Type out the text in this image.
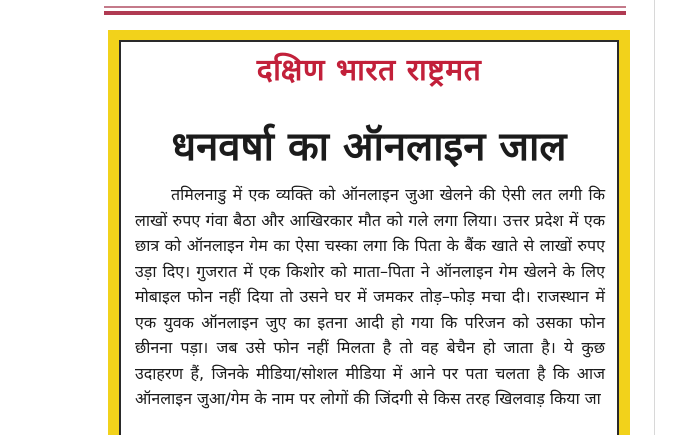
दक्षिण भारत राष्ट्रमत
धनवर्षा का ऑनलाइन जाल

तमिलनाडु में एक व्यक्ति को ऑनलाइन जुआ खेलने की ऐसी लत लगी कि लाखों रुपए गंवा बैठा और आखिरकार मौत को गले लगा लिया। उत्तर प्रदेश में एक छात्र को ऑनलाइन गेम का ऐसा चस्का लगा कि पिता के बैंक खाते से लाखों रुपए उड़ा दिए। गुजरात में एक किशोर को माता–पिता ने ऑनलाइन गेम खेलने के लिए मोबाइल फोन नहीं दिया तो उसने घर में जमकर तोड़–फोड़ मचा दी। राजस्थान में एक युवक ऑनलाइन जुए का इतना आदी हो गया कि परिजन को उसका फोन छीनना पड़ा। जब उसे फोन नहीं मिलता है तो वह बेचैन हो जाता है। ये कुछ उदाहरण हैं, जिनके मीडिया/सोशल मीडिया में आने पर पता चलता है कि आज ऑनलाइन जुआ/गेम के नाम पर लोगों की जिंदगी से किस तरह खिलवाड़ किया जा
